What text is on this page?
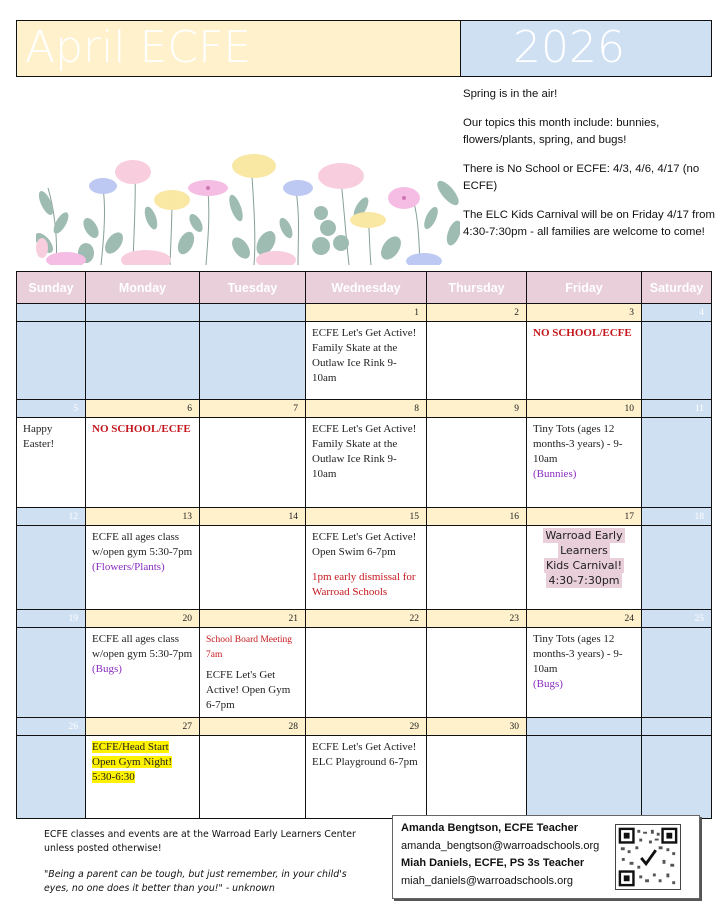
April ECFE	2026

Spring is in the air!

Our topics this month include: bunnies, flowers/plants, spring, and bugs!

There is No School or ECFE: 4/3, 4/6, 4/17 (no ECFE)

The ELC Kids Carnival will be on Friday 4/17 from 4:30-7:30pm - all families are welcome to come!

Sunday	Monday	Tuesday	Wednesday	Thursday	Friday	Saturday
			1	2	3	4
			ECFE Let's Get Active! Family Skate at the Outlaw Ice Rink 9-10am		NO SCHOOL/ECFE	
5	6	7	8	9	10	11
Happy Easter!	NO SCHOOL/ECFE		ECFE Let's Get Active! Family Skate at the Outlaw Ice Rink 9-10am		Tiny Tots (ages 12 months-3 years) - 9-10am
(Bunnies)	
12	13	14	15	16	17	18
	ECFE all ages class w/open gym 5:30-7pm
(Flowers/Plants)		ECFE Let's Get Active! Open Swim 6-7pm
1pm early dismissal for Warroad Schools		Warroad Early
Learners
Kids Carnival!
4:30-7:30pm	
19	20	21	22	23	24	25
	ECFE all ages class w/open gym 5:30-7pm
(Bugs)	School Board Meeting 7am
ECFE Let's Get Active! Open Gym 6-7pm			Tiny Tots (ages 12 months-3 years) - 9-10am
(Bugs)	
26	27	28	29	30		
	ECFE/Head Start
Open Gym Night!
5:30-6:30		ECFE Let's Get Active! ELC Playground 6-7pm			

ECFE classes and events are at the Warroad Early Learners Center unless posted otherwise!

"Being a parent can be tough, but just remember, in your child's eyes, no one does it better than you!" - unknown

Amanda Bengtson, ECFE Teacher
amanda_bengtson@warroadschools.org
Miah Daniels, ECFE, PS 3s Teacher
miah_daniels@warroadschools.org
